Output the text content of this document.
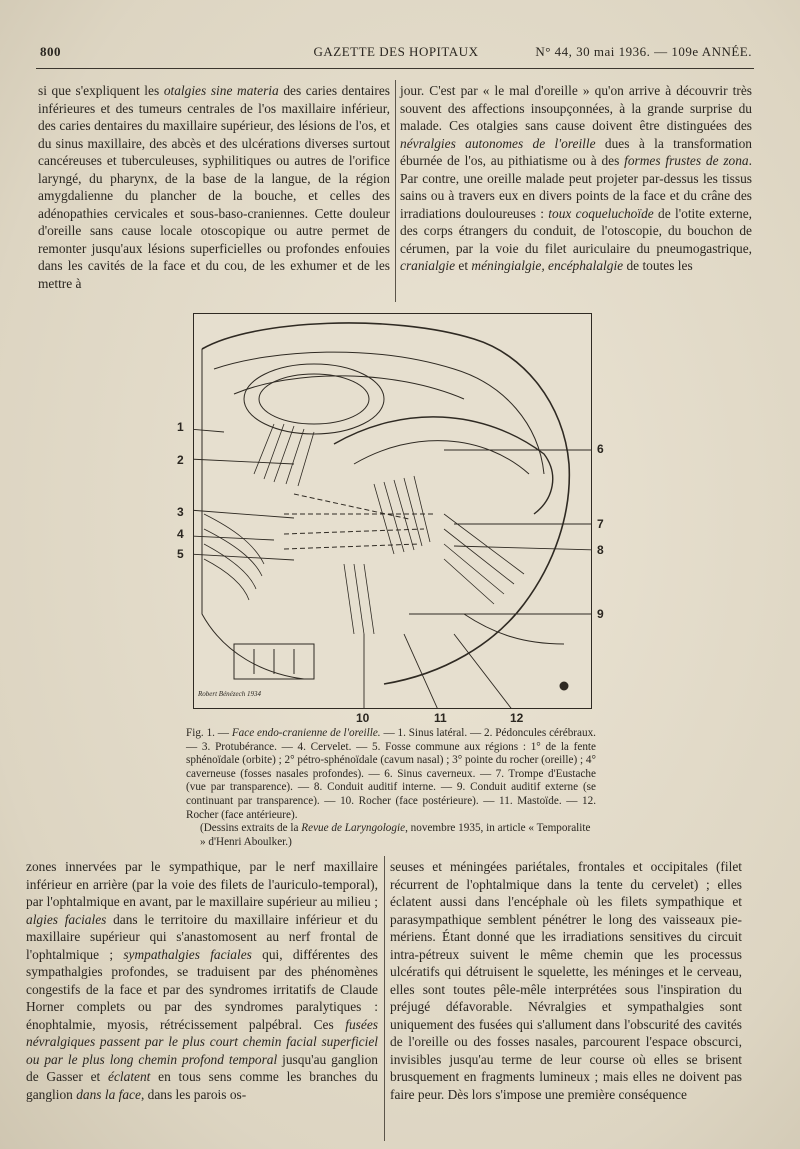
800	GAZETTE DES HOPITAUX	N° 44, 30 mai 1936. — 109e ANNÉE.

si que s'expliquent les otalgies sine materia des caries dentaires inférieures et des tumeurs centrales de l'os maxillaire inférieur, des caries dentaires du maxillaire supérieur, des lésions de l'os, et du sinus maxillaire, des abcès et des ulcérations diverses surtout cancéreuses et tuberculeuses, syphilitiques ou autres de l'orifice laryngé, du pharynx, de la base de la langue, de la région amygdalienne du plancher de la bouche, et celles des adénopathies cervicales et sous-baso-craniennes. Cette douleur d'oreille sans cause locale otoscopique ou autre permet de remonter jusqu'aux lésions superficielles ou profondes enfouies dans les cavités de la face et du cou, de les exhumer et de les mettre à

jour. C'est par « le mal d'oreille » qu'on arrive à découvrir très souvent des affections insoupçonnées, à la grande surprise du malade. Ces otalgies sans cause doivent être distinguées des névralgies autonomes de l'oreille dues à la transformation éburnée de l'os, au pithiatisme ou à des formes frustes de zona. Par contre, une oreille malade peut projeter par-dessus les tissus sains ou à travers eux en divers points de la face et du crâne des irradiations douloureuses : toux coqueluchoïde de l'otite externe, des corps étrangers du conduit, de l'otoscopie, du bouchon de cérumen, par la voie du filet auriculaire du pneumogastrique, cranialgie et méningialgie, encéphalalgie de toutes les

1
2
3
4
5
6
7
8
9
10	11	12
Robert Bénézech 1934

Fig. 1. — Face endo-cranienne de l'oreille. — 1. Sinus latéral. — 2. Pédoncules cérébraux. — 3. Protubérance. — 4. Cervelet. — 5. Fosse commune aux régions : 1° de la fente sphénoïdale (orbite) ; 2° pétro-sphénoïdale (cavum nasal) ; 3° pointe du rocher (oreille) ; 4° caverneuse (fosses nasales profondes). — 6. Sinus caverneux. — 7. Trompe d'Eustache (vue par transparence). — 8. Conduit auditif interne. — 9. Conduit auditif externe (se continuant par transparence). — 10. Rocher (face postérieure). — 11. Mastoïde. — 12. Rocher (face antérieure).

(Dessins extraits de la Revue de Laryngologie, novembre 1935, in article « Temporalite » d'Henri Aboulker.)

zones innervées par le sympathique, par le nerf maxillaire inférieur en arrière (par la voie des filets de l'auriculo-temporal), par l'ophtalmique en avant, par le maxillaire supérieur au milieu ; algies faciales dans le territoire du maxillaire inférieur et du maxillaire supérieur qui s'anastomosent au nerf frontal de l'ophtalmique ; sympathalgies faciales qui, différentes des sympathalgies profondes, se traduisent par des phénomènes congestifs de la face et par des syndromes irritatifs de Claude Horner complets ou par des syndromes paralytiques : énophtalmie, myosis, rétrécissement palpébral. Ces fusées névralgiques passent par le plus court chemin facial superficiel ou par le plus long chemin profond temporal jusqu'au ganglion de Gasser et éclatent en tous sens comme les branches du ganglion dans la face, dans les parois os-

seuses et méningées pariétales, frontales et occipitales (filet récurrent de l'ophtalmique dans la tente du cervelet) ; elles éclatent aussi dans l'encéphale où les filets sympathique et parasympathique semblent pénétrer le long des vaisseaux pie-mériens. Étant donné que les irradiations sensitives du circuit intra-pétreux suivent le même chemin que les processus ulcératifs qui détruisent le squelette, les méninges et le cerveau, elles sont toutes pêle-mêle interprétées sous l'inspiration du préjugé défavorable. Névralgies et sympathalgies sont uniquement des fusées qui s'allument dans l'obscurité des cavités de l'oreille ou des fosses nasales, parcourent l'espace obscurci, invisibles jusqu'au terme de leur course où elles se brisent brusquement en fragments lumineux ; mais elles ne doivent pas faire peur. Dès lors s'impose une première conséquence
